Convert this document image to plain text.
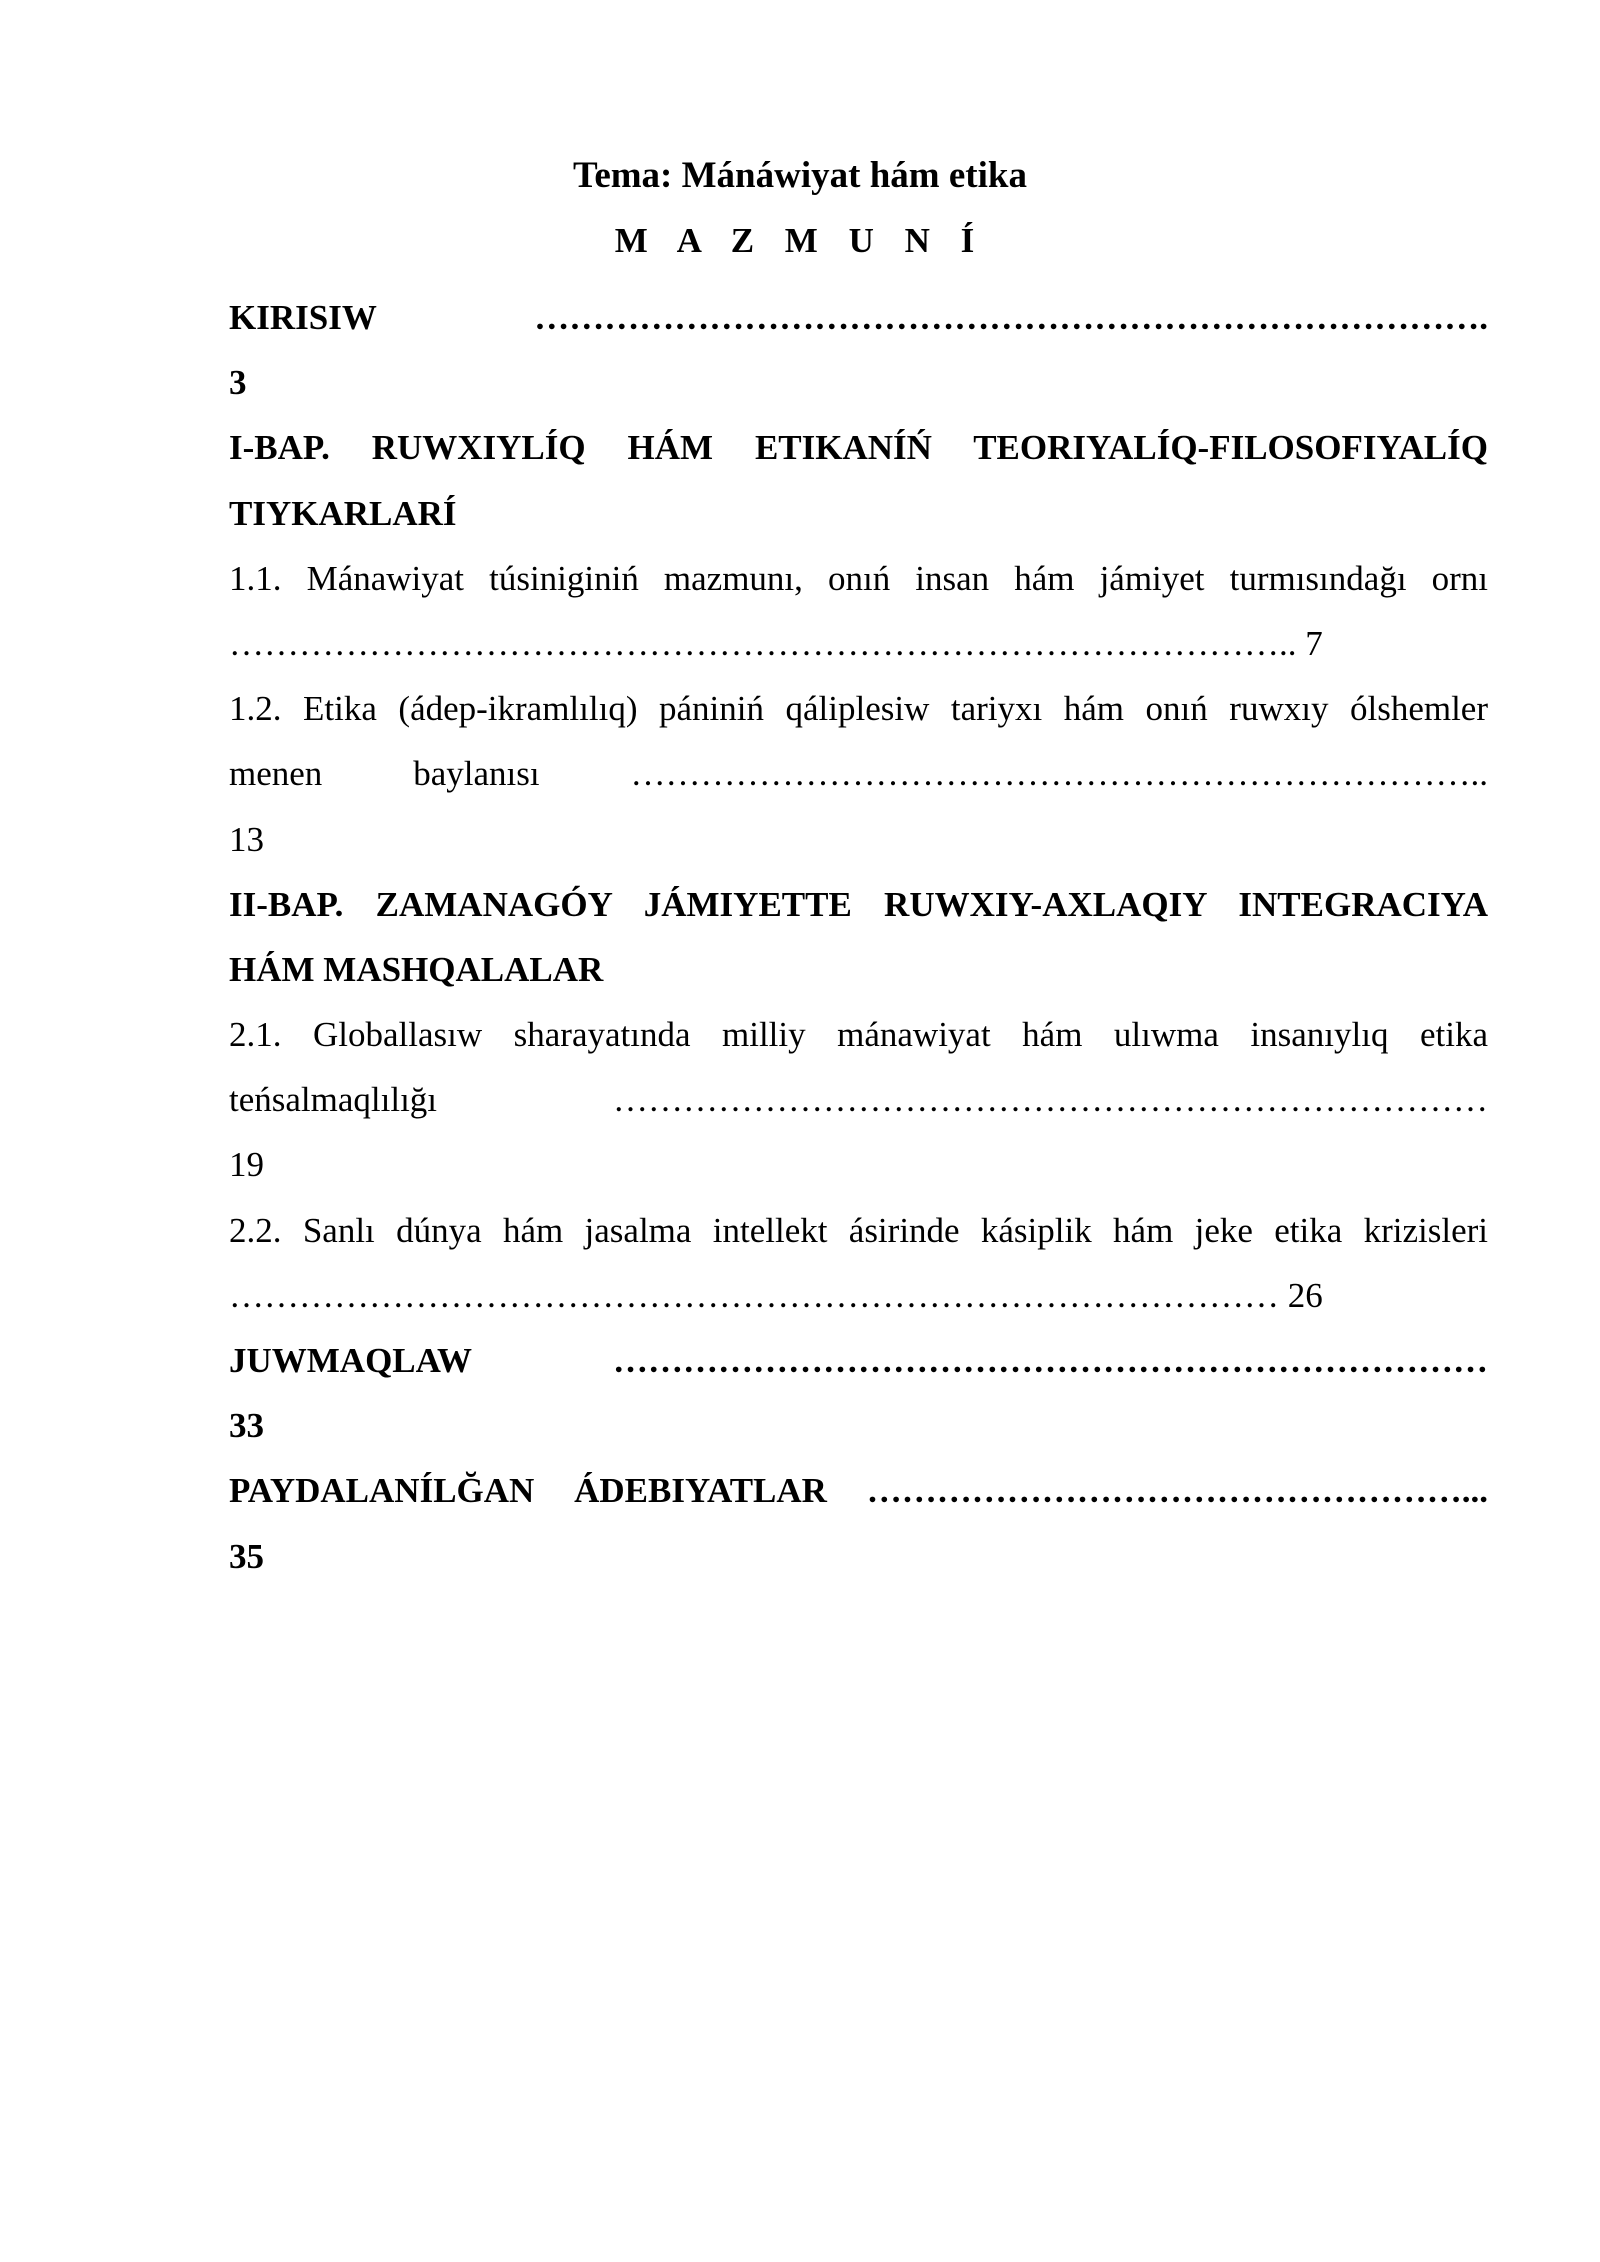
Tema: Mánáwiyat hám etika
M A Z M U N Í
KIRISIW ……………………………………………………………………….
3
I-BAP. RUWXIYLÍQ HÁM ETIKANÍŃ TEORIYALÍQ-FILOSOFIYALÍQ
TIYKARLARÍ
1.1. Mánawiyat túsiniginiń mazmunı, onıń insan hám jámiyet turmısındağı ornı
……………………………………………………………………………….. 7
1.2. Etika (ádep-ikramlılıq) pániniń qáliplesiw tariyxı hám onıń ruwxıy ólshemler
menen baylanısı ………………………………………………………………..
13
II-BAP. ZAMANAGÓY JÁMIYETTE RUWXIY-AXLAQIY INTEGRACIYA
HÁM MASHQALALAR
2.1. Globallasıw sharayatında milliy mánawiyat hám ulıwma insanıylıq etika
teńsalmaqlılığı …………………………………………………………………
19
2.2. Sanlı dúnya hám jasalma intellekt ásirinde kásiplik hám jeke etika krizisleri
……………………………………………………………………………… 26
JUWMAQLAW …………………………………………………………………
33
PAYDALANÍLĞAN ÁDEBIYATLAR ……………………………………………...
35
